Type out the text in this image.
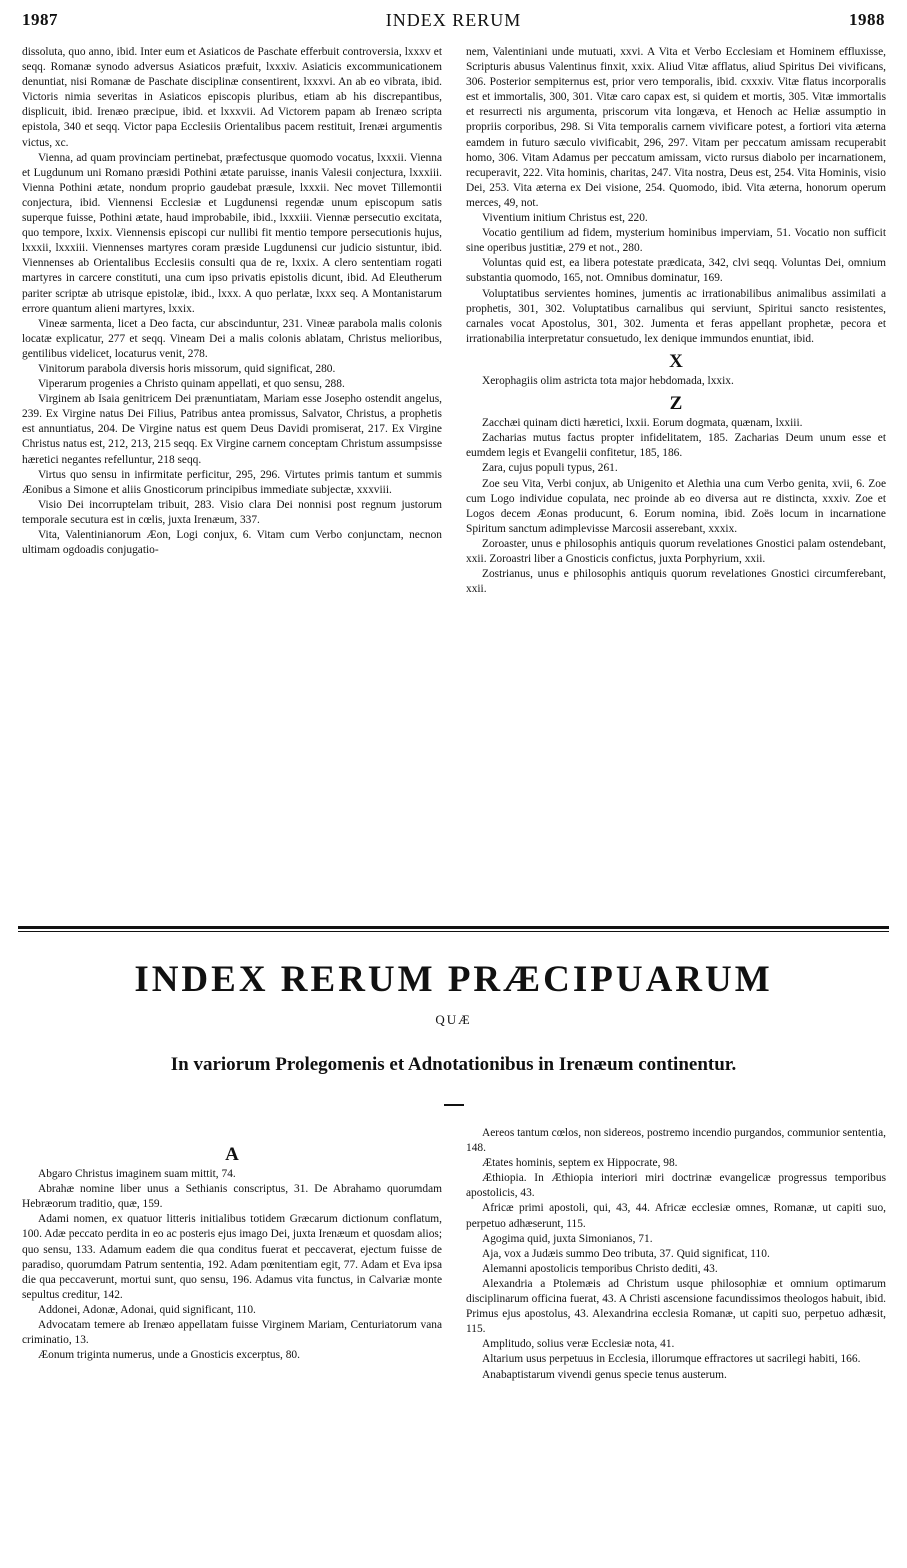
1987	INDEX RERUM	1988

dissoluta, quo anno, ibid. Inter eum et Asiaticos de Paschate efferbuit controversia, lxxxv et seqq. Romanæ synodo adversus Asiaticos præfuit, lxxxiv. Asiaticis excommunicationem denuntiat, nisi Romanæ de Paschate disciplinæ consentirent, lxxxvi. An ab eo vibrata, ibid. Victoris nimia severitas in Asiaticos episcopis pluribus, etiam ab his discrepantibus, displicuit, ibid. Irenæo præcipue, ibid. et lxxxvii. Ad Victorem papam ab Irenæo scripta epistola, 340 et seqq. Victor papa Ecclesiis Orientalibus pacem restituit, Irenæi argumentis victus, xc.

Vienna, ad quam provinciam pertinebat, præfectusque quomodo vocatus, lxxxii. Vienna et Lugdunum uni Romano præsidi Pothini ætate paruisse, inanis Valesii conjectura, lxxxiii. Vienna Pothini ætate, nondum proprio gaudebat præsule, lxxxii. Nec movet Tillemontii conjectura, ibid. Viennensi Ecclesiæ et Lugdunensi regendæ unum episcopum satis superque fuisse, Pothini ætate, haud improbabile, ibid., lxxxiii. Viennæ persecutio excitata, quo tempore, lxxix. Viennensis episcopi cur nullibi fit mentio tempore persecutionis hujus, lxxxii, lxxxiii. Viennenses martyres coram præside Lugdunensi cur judicio sistuntur, ibid. Viennenses ab Orientalibus Ecclesiis consulti qua de re, lxxix. A clero sententiam rogati martyres in carcere constituti, una cum ipso privatis epistolis dicunt, ibid. Ad Eleutherum pariter scriptæ ab utrisque epistolæ, ibid., lxxx. A quo perlatæ, lxxx seq. A Montanistarum errore quantum alieni martyres, lxxix.

Vineæ sarmenta, licet a Deo facta, cur abscinduntur, 231. Vineæ parabola malis colonis locatæ explicatur, 277 et seqq. Vineam Dei a malis colonis ablatam, Christus melioribus, gentilibus videlicet, locaturus venit, 278.

Vinitorum parabola diversis horis missorum, quid significat, 280.

Viperarum progenies a Christo quinam appellati, et quo sensu, 288.

Virginem ab Isaia genitricem Dei prænuntiatam, Mariam esse Josepho ostendit angelus, 239. Ex Virgine natus Dei Filius, Patribus antea promissus, Salvator, Christus, a prophetis est annuntiatus, 204. De Virgine natus est quem Deus Davidi promiserat, 217. Ex Virgine Christus natus est, 212, 213, 215 seqq. Ex Virgine carnem conceptam Christum assumpsisse hæretici negantes refelluntur, 218 seqq.

Virtus quo sensu in infirmitate perficitur, 295, 296. Virtutes primis tantum et summis Æonibus a Simone et aliis Gnosticorum principibus immediate subjectæ, xxxviii.

Visio Dei incorruptelam tribuit, 283. Visio clara Dei nonnisi post regnum justorum temporale secutura est in cœlis, juxta Irenæum, 337.

Vita, Valentinianorum Æon, Logi conjux, 6. Vitam cum Verbo conjunctam, necnon ultimam ogdoadis conjugatio-

nem, Valentiniani unde mutuati, xxvi. A Vita et Verbo Ecclesiam et Hominem effluxisse, Scripturis abusus Valentinus finxit, xxix. Aliud Vitæ afflatus, aliud Spiritus Dei vivificans, 306. Posterior sempiternus est, prior vero temporalis, ibid. cxxxiv. Vitæ flatus incorporalis est et immortalis, 300, 301. Vitæ caro capax est, si quidem et mortis, 305. Vitæ immortalis et resurrecti nis argumenta, priscorum vita longæva, et Henoch ac Heliæ assumptio in propriis corporibus, 298. Si Vita temporalis carnem vivificare potest, a fortiori vita æterna eamdem in futuro sæculo vivificabit, 296, 297. Vitam per peccatum amissam recuperabit homo, 306. Vitam Adamus per peccatum amissam, victo rursus diabolo per incarnationem, recuperavit, 222. Vita hominis, charitas, 247. Vita nostra, Deus est, 254. Vita Hominis, visio Dei, 253. Vita æterna ex Dei visione, 254. Quomodo, ibid. Vita æterna, honorum operum merces, 49, not.

Viventium initium Christus est, 220.

Vocatio gentilium ad fidem, mysterium hominibus imperviam, 51. Vocatio non sufficit sine operibus justitiæ, 279 et not., 280.

Voluntas quid est, ea libera potestate prædicata, 342, clvi seqq. Voluntas Dei, omnium substantia quomodo, 165, not. Omnibus dominatur, 169.

Voluptatibus servientes homines, jumentis ac irrationabilibus animalibus assimilati a prophetis, 301, 302. Voluptatibus carnalibus qui serviunt, Spiritui sancto resistentes, carnales vocat Apostolus, 301, 302. Jumenta et feras appellant prophetæ, pecora et irrationabilia interpretatur consuetudo, lex denique immundos enuntiat, ibid.

X

Xerophagiis olim astricta tota major hebdomada, lxxix.

Z

Zacchæi quinam dicti hæretici, lxxii. Eorum dogmata, quænam, lxxiii.

Zacharias mutus factus propter infidelitatem, 185. Zacharias Deum unum esse et eumdem legis et Evangelii confitetur, 185, 186.

Zara, cujus populi typus, 261.

Zoe seu Vita, Verbi conjux, ab Unigenito et Alethia una cum Verbo genita, xvii, 6. Zoe cum Logo individue copulata, nec proinde ab eo diversa aut re distincta, xxxiv. Zoe et Logos decem Æonas producunt, 6. Eorum nomina, ibid. Zoës locum in incarnatione Spiritum sanctum adimplevisse Marcosii asserebant, xxxix.

Zoroaster, unus e philosophis antiquis quorum revelationes Gnostici palam ostendebant, xxii. Zoroastri liber a Gnosticis confictus, juxta Porphyrium, xxii.

Zostrianus, unus e philosophis antiquis quorum revelationes Gnostici circumferebant, xxii.

INDEX RERUM PRÆCIPUARUM
QUÆ
In variorum Prolegomenis et Adnotationibus in Irenæum continentur.
A

Abgarο Christus imaginem suam mittit, 74.

Abrahæ nomine liber unus a Sethianis conscriptus, 31. De Abrahamo quorumdam Hebræorum traditio, quæ, 159.

Adami nomen, ex quatuor litteris initialibus totidem Græcarum dictionum conflatum, 100. Adæ peccato perdita in eo ac posteris ejus imago Dei, juxta Irenæum et quosdam alios; quo sensu, 133. Adamum eadem die qua conditus fuerat et peccaverat, ejectum fuisse de paradiso, quorumdam Patrum sententia, 192. Adam pœnitentiam egit, 77. Adam et Eva ipsa die qua peccaverunt, mortui sunt, quo sensu, 196. Adamus vita functus, in Calvariæ monte sepultus creditur, 142.

Addonei, Adonæ, Adonai, quid significant, 110.

Advocatam temere ab Irenæo appellatam fuisse Virginem Mariam, Centuriatorum vana criminatio, 13.

Æonum triginta numerus, unde a Gnosticis excerptus, 80.

Aereos tantum cœlos, non sidereos, postremo incendio purgandos, communior sententia, 148.

Ætates hominis, septem ex Hippocrate, 98.

Æthiopia. In Æthiopia interiori miri doctrinæ evangelicæ progressus temporibus apostolicis, 43.

Africæ primi apostoli, qui, 43, 44. Africæ ecclesiæ omnes, Romanæ, ut capiti suo, perpetuo adhæserunt, 115.

Agogima quid, juxta Simonianos, 71.

Aja, vox a Judæis summo Deo tributa, 37. Quid significat, 110.

Alemanni apostolicis temporibus Christo dediti, 43.

Alexandria a Ptolemæis ad Christum usque philosophiæ et omnium optimarum disciplinarum officina fuerat, 43. A Christi ascensione facundissimos theologos habuit, ibid. Primus ejus apostolus, 43. Alexandrina ecclesia Romanæ, ut capiti suo, perpetuo adhæsit, 115.

Amplitudo, solius veræ Ecclesiæ nota, 41.

Altarium usus perpetuus in Ecclesia, illorumque effractores ut sacrilegi habiti, 166.

Anabaptistarum vivendi genus specie tenus austerum.
